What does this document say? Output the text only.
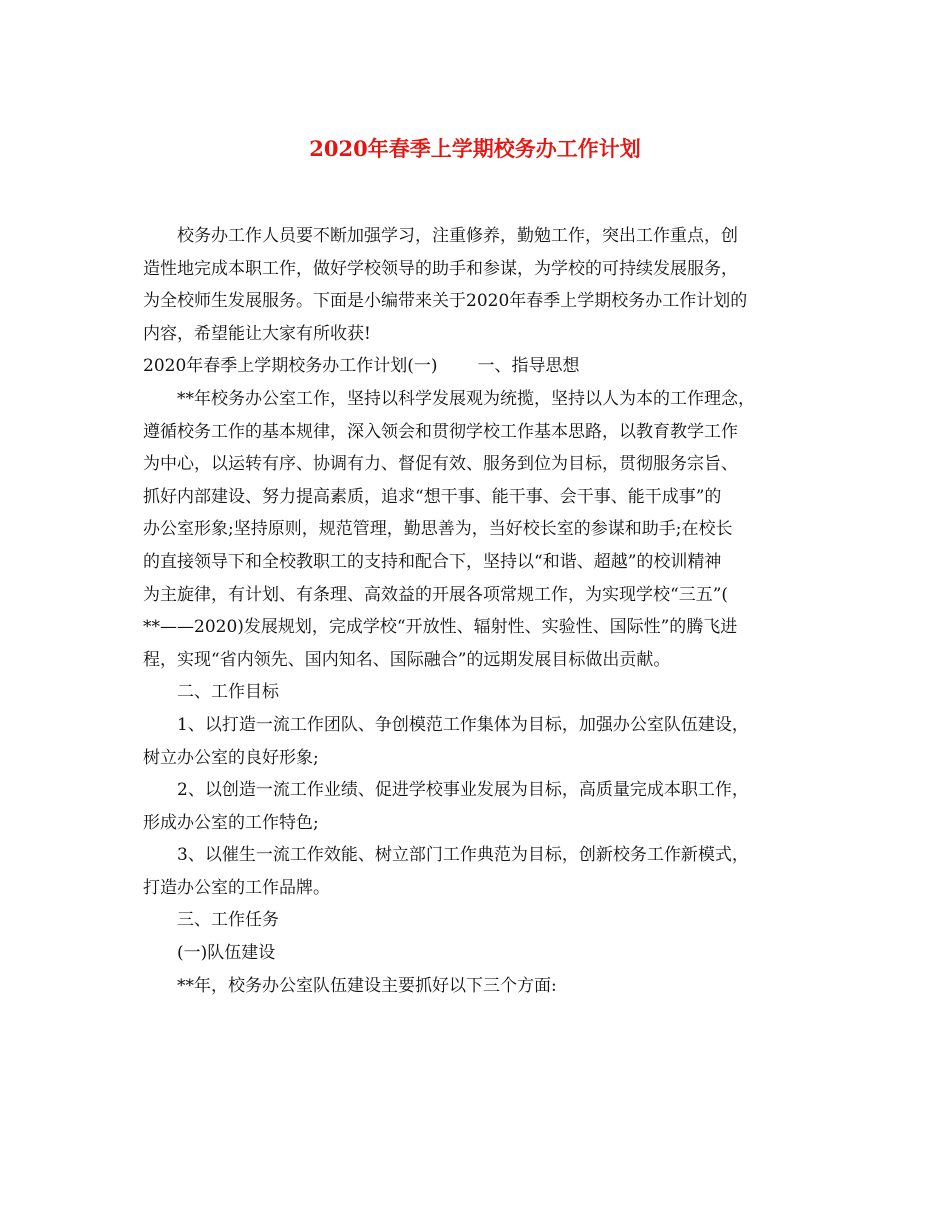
2020年春季上学期校务办工作计划

校务办工作人员要不断加强学习，注重修养，勤勉工作，突出工作重点，创

造性地完成本职工作，做好学校领导的助手和参谋，为学校的可持续发展服务，

为全校师生发展服务。下面是小编带来关于2020年春季上学期校务办工作计划的

内容，希望能让大家有所收获!

2020年春季上学期校务办工作计划(一) 一、指导思想

**年校务办公室工作，坚持以科学发展观为统揽，坚持以人为本的工作理念，

遵循校务工作的基本规律，深入领会和贯彻学校工作基本思路，以教育教学工作

为中心，以运转有序、协调有力、督促有效、服务到位为目标，贯彻服务宗旨、

抓好内部建设、努力提高素质，追求“想干事、能干事、会干事、能干成事”的

办公室形象;坚持原则，规范管理，勤思善为，当好校长室的参谋和助手;在校长

的直接领导下和全校教职工的支持和配合下，坚持以“和谐、超越”的校训精神

为主旋律，有计划、有条理、高效益的开展各项常规工作，为实现学校“三五”(

**——2020)发展规划，完成学校“开放性、辐射性、实验性、国际性”的腾飞进

程，实现“省内领先、国内知名、国际融合”的远期发展目标做出贡献。

二、工作目标

1、以打造一流工作团队、争创模范工作集体为目标，加强办公室队伍建设，

树立办公室的良好形象;

2、以创造一流工作业绩、促进学校事业发展为目标，高质量完成本职工作，

形成办公室的工作特色;

3、以催生一流工作效能、树立部门工作典范为目标，创新校务工作新模式，

打造办公室的工作品牌。

三、工作任务

(一)队伍建设

**年，校务办公室队伍建设主要抓好以下三个方面:
